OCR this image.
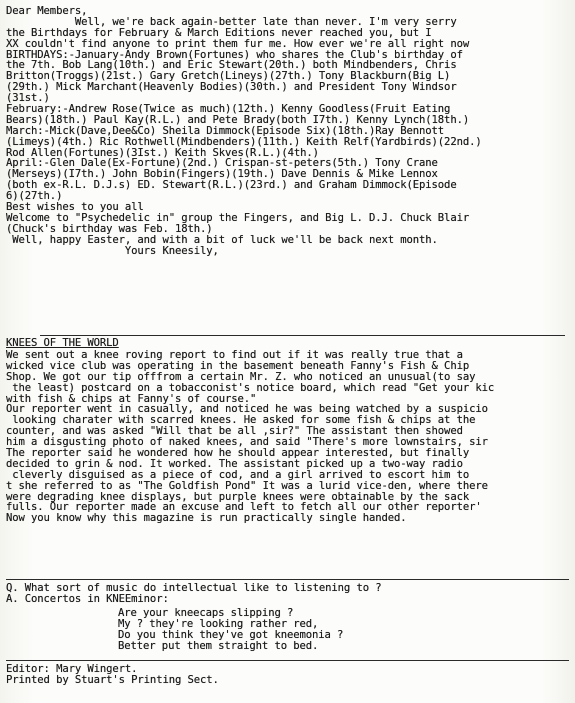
Dear Members,
Well, we're back again-better late than never. I'm very serry
the Birthdays for February & March Editions never reached you, but I
XX couldn't find anyone to print them fur me. How ever we're all right now
BIRTHDAYS:-January-Andy Brown(Fortunes) who shares the Club's birthday of
the 7th. Bob Lang(10th.) and Eric Stewart(20th.) both Mindbenders, Chris
Britton(Troggs)(21st.) Gary Gretch(Lineys)(27th.) Tony Blackburn(Big L)
(29th.) Mick Marchant(Heavenly Bodies)(30th.) and President Tony Windsor
(31st.)
February:-Andrew Rose(Twice as much)(12th.) Kenny Goodless(Fruit Eating
Bears)(18th.) Paul Kay(R.L.) and Pete Brady(both I7th.) Kenny Lynch(18th.)
March:-Mick(Dave,Dee&Co) Sheila Dimmock(Episode Six)(18th.)Ray Bennott
(Limeys)(4th.) Ric Rothwell(Mindbenders)(11th.) Keith Relf(Yardbirds)(22nd.)
Rod Allen(Fortunes)(3Ist.) Keith Skves(R.L.)(4th.)
April:-Glen Dale(Ex-Fortune)(2nd.) Crispan-st-peters(5th.) Tony Crane
(Merseys)(I7th.) John Bobin(Fingers)(19th.) Dave Dennis & Mike Lennox
(both ex-R.L. D.J.s) ED. Stewart(R.L.)(23rd.) and Graham Dimmock(Episode
6)(27th.)
Best wishes to you all
Welcome to "Psychedelic in" group the Fingers, and Big L. D.J. Chuck Blair
(Chuck's birthday was Feb. 18th.)
Well, happy Easter, and with a bit of luck we'll be back next month.
Yours Kneesily,
KNEES OF THE WORLD
We sent out a knee roving report to find out if it was really true that a
wicked vice club was operating in the basement beneath Fanny's Fish & Chip
Shop. We got our tip offfrom a certain Mr. Z. who noticed an unusual(to say
the least) postcard on a tobacconist's notice board, which read "Get your kic
with fish & chips at Fanny's of course."
Our reporter went in casually, and noticed he was being watched by a suspicio
looking charater with scarred knees. He asked for some fish & chips at the
counter, and was asked "Will that be all ,sir?" The assistant then showed
him a disgusting photo of naked knees, and said "There's more lownstairs, sir
The reporter said he wondered how he should appear interested, but finally
decided to grin & nod. It worked. The assistant picked up a two-way radio
cleverly disguised as a piece of cod, and a girl arrived to escort him to
t she referred to as "The Goldfish Pond" It was a lurid vice-den, where there
were degrading knee displays, but purple knees were obtainable by the sack
fulls. Our reporter made an excuse and left to fetch all our other reporter'
Now you know why this magazine is run practically single handed.
Q. What sort of music do intellectual like to listening to ?
A. Concertos in KNEEminor:
Are your kneecaps slipping ?
My ? they're looking rather red,
Do you think they've got kneemonia ?
Better put them straight to bed.
Editor: Mary Wingert.
Printed by Stuart's Printing Sect.
